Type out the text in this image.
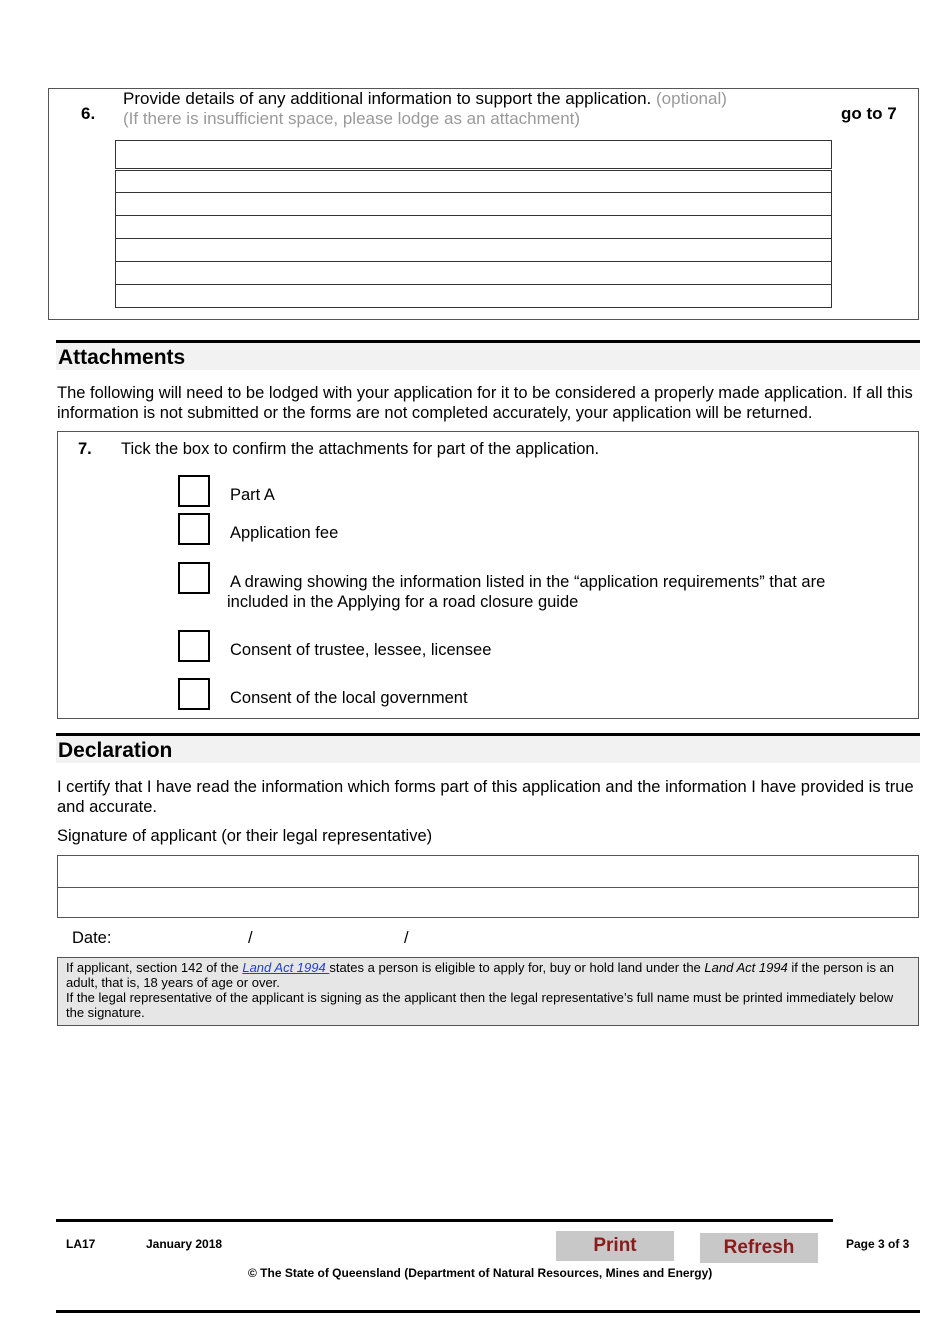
6.
Provide details of any additional information to support the application. (optional)
(If there is insufficient space, please lodge as an attachment)	go to 7
Attachments
The following will need to be lodged with your application for it to be considered a properly made application. If all this information is not submitted or the forms are not completed accurately, your application will be returned.
7. Tick the box to confirm the attachments for part of the application.
Part A
Application fee
A drawing showing the information listed in the “application requirements” that are
included in the Applying for a road closure guide
Consent of trustee, lessee, licensee
Consent of the local government
Declaration
I certify that I have read the information which forms part of this application and the information I have provided is true and accurate.
Signature of applicant (or their legal representative)
Date:	/	/
If applicant, section 142 of the Land Act 1994 states a person is eligible to apply for, buy or hold land under the Land Act 1994 if the person is an adult, that is, 18 years of age or over.
If the legal representative of the applicant is signing as the applicant then the legal representative’s full name must be printed immediately below the signature.
LA17	January 2018	Print	Refresh	Page 3 of 3
© The State of Queensland (Department of Natural Resources, Mines and Energy)
